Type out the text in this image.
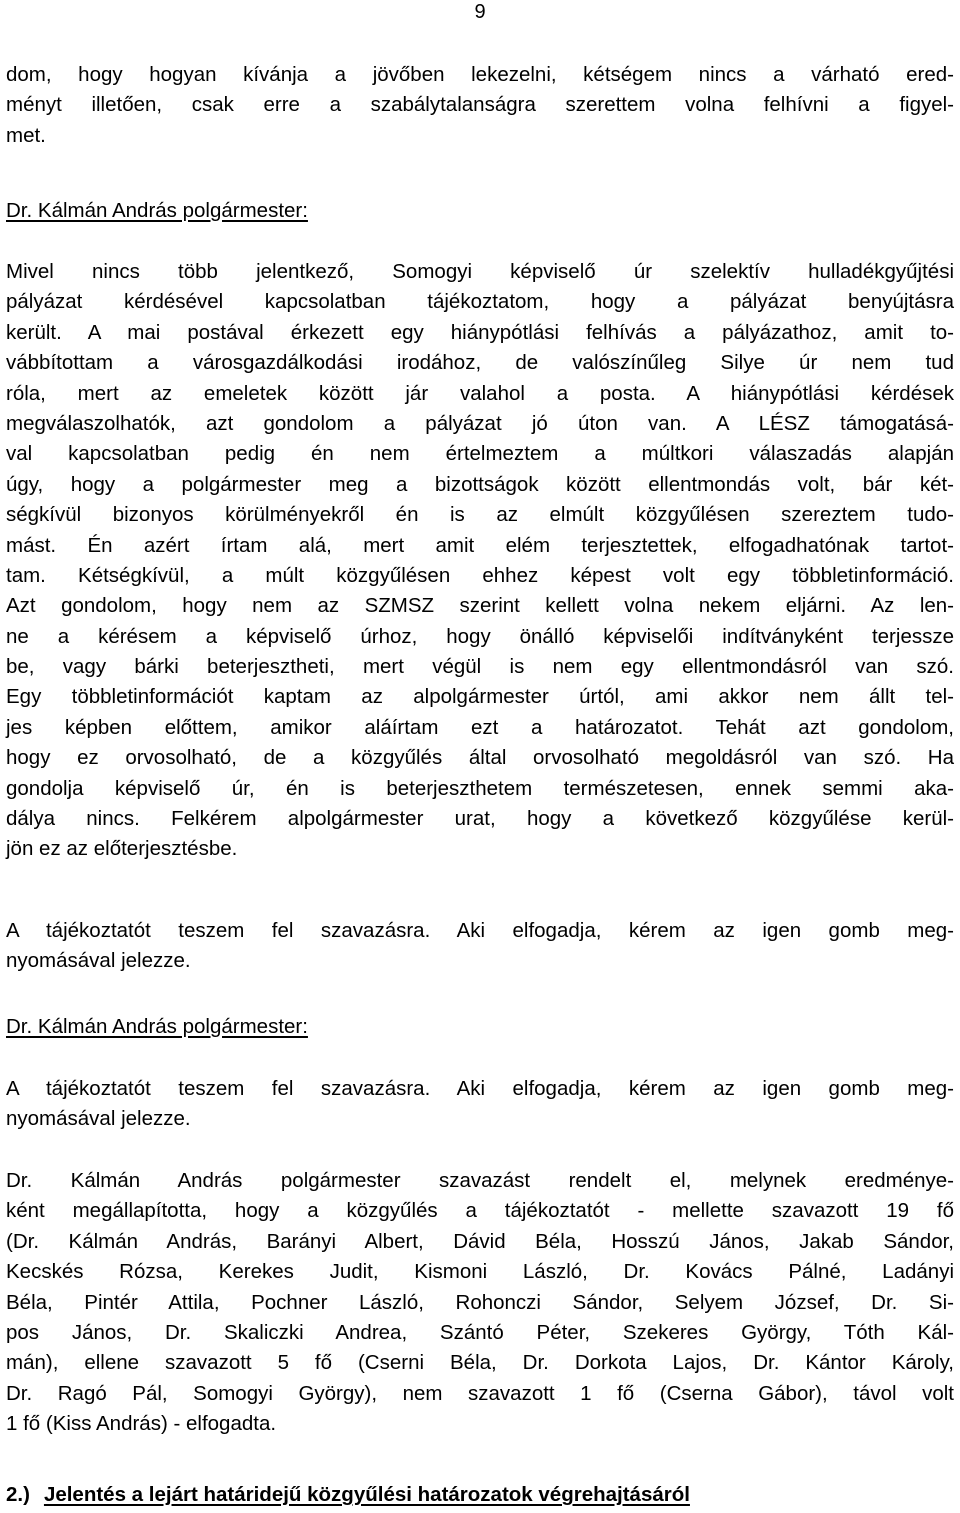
9
dom, hogy hogyan kívánja a jövőben lekezelni, kétségem nincs a várható ered-
ményt illetően, csak erre a szabálytalanságra szerettem volna felhívni a figyel-
met.
Dr. Kálmán András polgármester:
Mivel nincs több jelentkező, Somogyi képviselő úr szelektív hulladékgyűjtési
pályázat kérdésével kapcsolatban tájékoztatom, hogy a pályázat benyújtásra
került. A mai postával érkezett egy hiánypótlási felhívás a pályázathoz, amit to-
vábbítottam a városgazdálkodási irodához, de valószínűleg Silye úr nem tud
róla, mert az emeletek között jár valahol a posta. A hiánypótlási kérdések
megválaszolhatók, azt gondolom a pályázat jó úton van. A LÉSZ támogatásá-
val kapcsolatban pedig én nem értelmeztem a múltkori válaszadás alapján
úgy, hogy a polgármester meg a bizottságok között ellentmondás volt, bár két-
ségkívül bizonyos körülményekről én is az elmúlt közgyűlésen szereztem tudo-
mást. Én azért írtam alá, mert amit elém terjesztettek, elfogadhatónak tartot-
tam. Kétségkívül, a múlt közgyűlésen ehhez képest volt egy többletinformáció.
Azt gondolom, hogy nem az SZMSZ szerint kellett volna nekem eljárni. Az len-
ne a kérésem a képviselő úrhoz, hogy önálló képviselői indítványként terjessze
be, vagy bárki beterjesztheti, mert végül is nem egy ellentmondásról van szó.
Egy többletinformációt kaptam az alpolgármester úrtól, ami akkor nem állt tel-
jes képben előttem, amikor aláírtam ezt a határozatot. Tehát azt gondolom,
hogy ez orvosolható, de a közgyűlés által orvosolható megoldásról van szó. Ha
gondolja képviselő úr, én is beterjeszthetem természetesen, ennek semmi aka-
dálya nincs. Felkérem alpolgármester urat, hogy a következő közgyűlése kerül-
jön ez az előterjesztésbe.
A tájékoztatót teszem fel szavazásra. Aki elfogadja, kérem az igen gomb meg-
nyomásával jelezze.
Dr. Kálmán András polgármester:
A tájékoztatót teszem fel szavazásra. Aki elfogadja, kérem az igen gomb meg-
nyomásával jelezze.
Dr. Kálmán András polgármester szavazást rendelt el, melynek eredménye-
ként megállapította, hogy a közgyűlés a tájékoztatót - mellette szavazott 19 fő
(Dr. Kálmán András, Barányi Albert, Dávid Béla, Hosszú János, Jakab Sándor,
Kecskés Rózsa, Kerekes Judit, Kismoni László, Dr. Kovács Pálné, Ladányi
Béla, Pintér Attila, Pochner László, Rohonczi Sándor, Selyem József, Dr. Si-
pos János, Dr. Skaliczki Andrea, Szántó Péter, Szekeres György, Tóth Kál-
mán), ellene szavazott 5 fő (Cserni Béla, Dr. Dorkota Lajos, Dr. Kántor Károly,
Dr. Ragó Pál, Somogyi György), nem szavazott 1 fő (Cserna Gábor), távol volt
1 fő (Kiss András) - elfogadta.
2.) Jelentés a lejárt határidejű közgyűlési határozatok végrehajtásáról
